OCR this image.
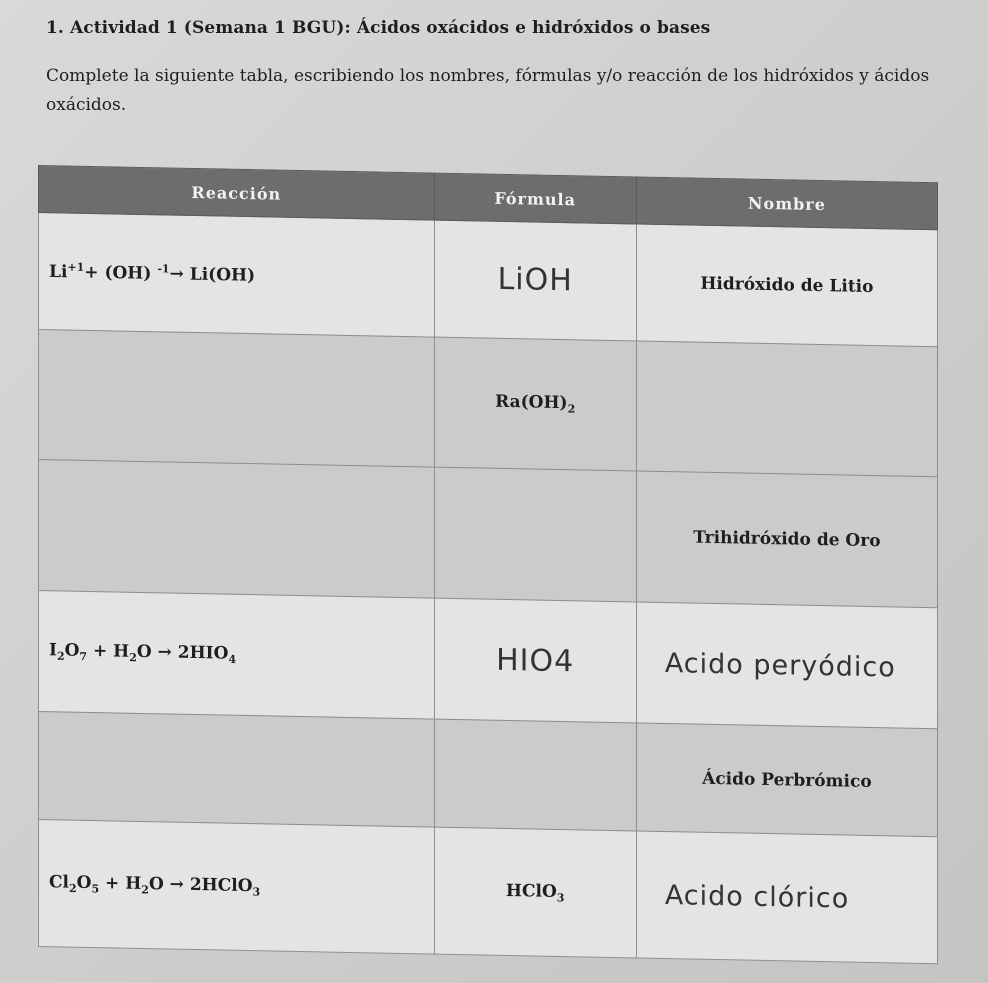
1. Actividad 1 (Semana 1 BGU): Ácidos oxácidos e hidróxidos o bases
Complete la siguiente tabla, escribiendo los nombres, fórmulas y/o reacción de los hidróxidos y ácidos oxácidos.
Reacción	Fórmula	Nombre
$Li^{+1}+ (OH)$ $^{-1}$→ Li(OH)	LiOH	Hidróxido de Litio
	$Ra(OH)_2$	
		Trihidróxido de Oro
$I_2O_7 + H_2O \to 2HIO_4$	HIO4	Acido peryódico
		Ácido Perbrómico
$Cl_2O_5 + H_2O$ → 2HClO$_3$	HClO$_3$	Acido clórico
